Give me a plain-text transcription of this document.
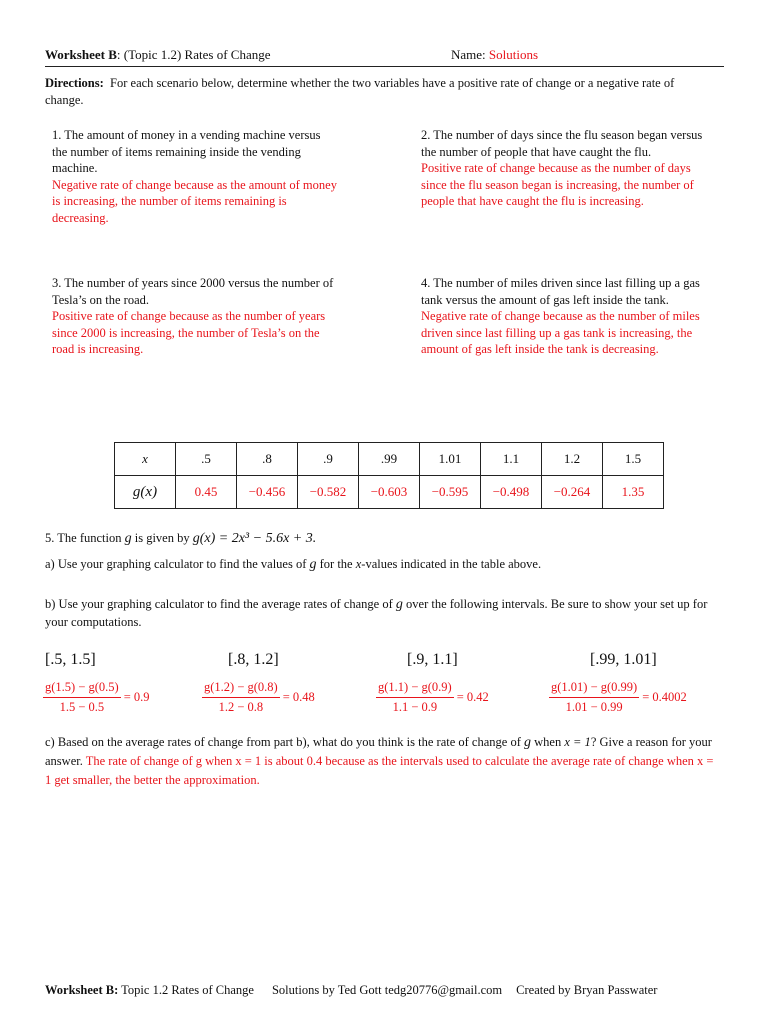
Worksheet B: (Topic 1.2) Rates of Change	Name: Solutions
Directions: For each scenario below, determine whether the two variables have a positive rate of change or a negative rate of change.

1. The amount of money in a vending machine versus the number of items remaining inside the vending machine.

Negative rate of change because as the amount of money is increasing, the number of items remaining is decreasing.

2. The number of days since the flu season began versus the number of people that have caught the flu.

Positive rate of change because as the number of days since the flu season began is increasing, the number of people that have caught the flu is increasing.

3. The number of years since 2000 versus the number of Tesla’s on the road.

Positive rate of change because as the number of years since 2000 is increasing, the number of Tesla’s on the road is increasing.

4. The number of miles driven since last filling up a gas tank versus the amount of gas left inside the tank.

Negative rate of change because as the number of miles driven since last filling up a gas tank is increasing, the amount of gas left inside the tank is decreasing.

x	.5	.8	.9	.99	1.01	1.1	1.2	1.5
g(x)	0.45	−0.456	−0.582	−0.603	−0.595	−0.498	−0.264	1.35
5. The function g is given by g(x) = 2x³ − 5.6x + 3.
a) Use your graphing calculator to find the values of g for the x-values indicated in the table above.
b) Use your graphing calculator to find the average rates of change of g over the following intervals. Be sure to show your set up for your computations.
[.5, 1.5]	[.8, 1.2]	[.9, 1.1]	[.99, 1.01]
$\frac{g(1.5) - g(0.5)}{1.5 - 0.5} = 0.9$	$\frac{g(1.2) - g(0.8)}{1.2 - 0.8} = 0.48$	$\frac{g(1.1) - g(0.9)}{1.1 - 0.9} = 0.42$	$\frac{g(1.01) - g(0.99)}{1.01 - 0.99} = 0.4002$
c) Based on the average rates of change from part b), what do you think is the rate of change of g when x = 1? Give a reason for your answer. The rate of change of g when x = 1 is about 0.4 because as the intervals used to calculate the average rate of change when x = 1 get smaller, the better the approximation.
Worksheet B: Topic 1.2 Rates of Change Solutions by Ted Gott tedg20776@gmail.com Created by Bryan Passwater
